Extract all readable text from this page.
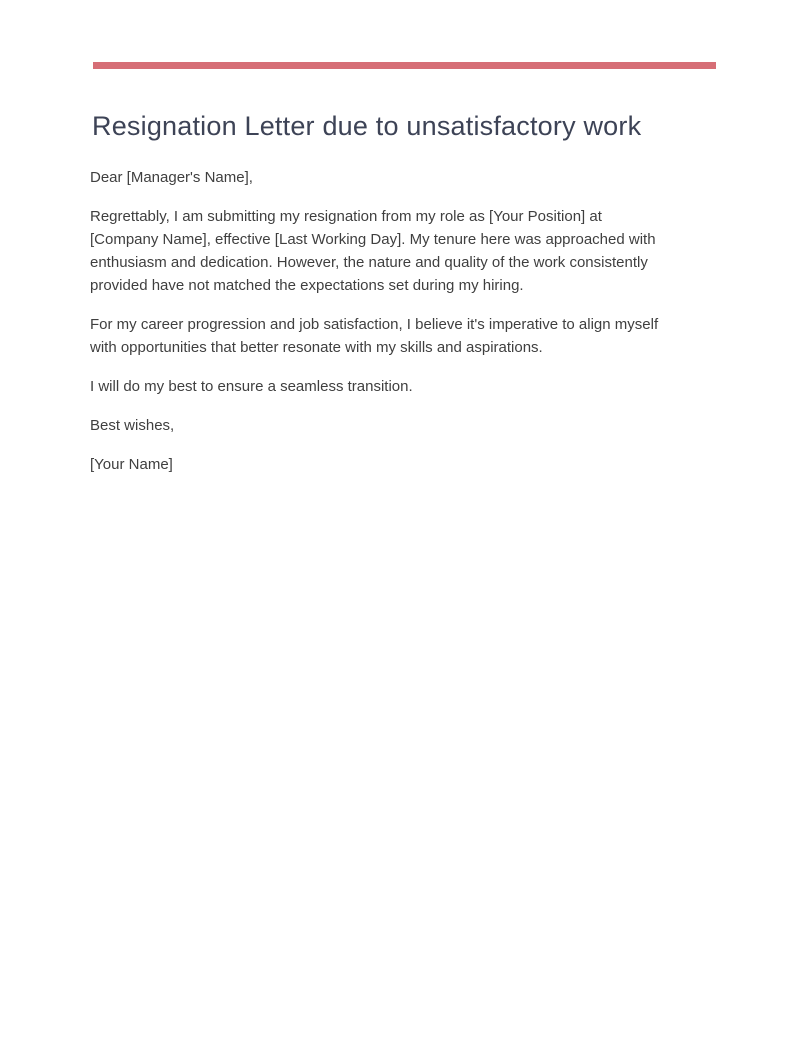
Resignation Letter due to unsatisfactory work

Dear [Manager's Name],

Regrettably, I am submitting my resignation from my role as [Your Position] at [Company Name], effective [Last Working Day]. My tenure here was approached with enthusiasm and dedication. However, the nature and quality of the work consistently provided have not matched the expectations set during my hiring.

For my career progression and job satisfaction, I believe it's imperative to align myself with opportunities that better resonate with my skills and aspirations.

I will do my best to ensure a seamless transition.

Best wishes,

[Your Name]
